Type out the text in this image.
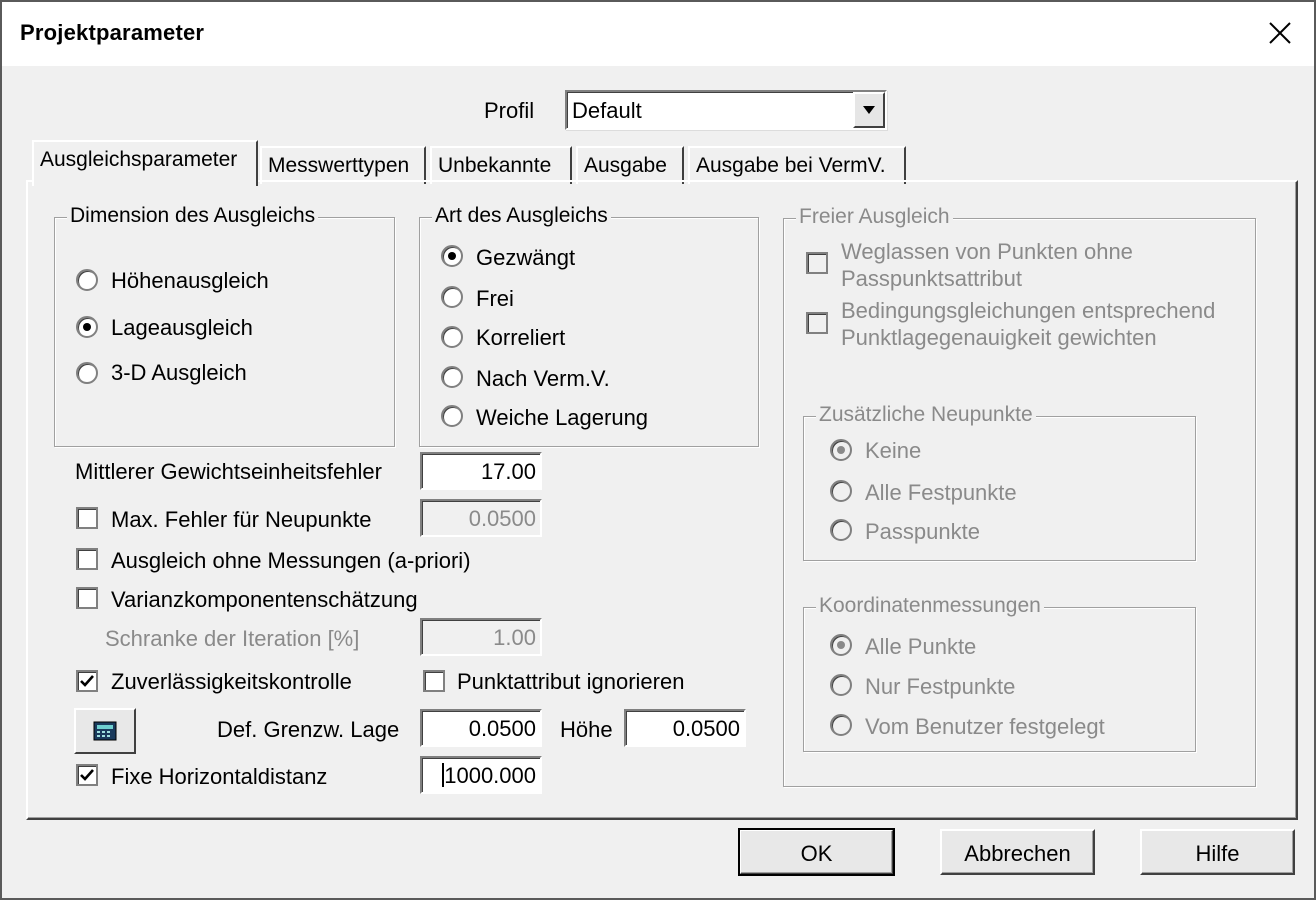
Projektparameter
Profil Default
Ausgleichsparameter	Messwerttypen	Unbekannte	Ausgabe	Ausgabe bei VermV.
Dimension des Ausgleichs
Höhenausgleich
Lageausgleich
3-D Ausgleich
Art des Ausgleichs
Gezwängt
Frei
Korreliert
Nach Verm.V.
Weiche Lagerung
Mittlerer Gewichtseinheitsfehler	17.00
Max. Fehler für Neupunkte	0.0500
Ausgleich ohne Messungen (a-priori)
Varianzkomponentenschätzung
Schranke der Iteration [%]	1.00
Zuverlässigkeitskontrolle	Punktattribut ignorieren
Def. Grenzw. Lage	0.0500 Höhe	0.0500
Fixe Horizontaldistanz	1000.000
Freier Ausgleich
Weglassen von Punkten ohne
Passpunktsattribut
Bedingungsgleichungen entsprechend
Punktlagegenauigkeit gewichten
Zusätzliche Neupunkte
Keine
Alle Festpunkte
Passpunkte
Koordinatenmessungen
Alle Punkte
Nur Festpunkte
Vom Benutzer festgelegt
OK	Abbrechen	Hilfe
